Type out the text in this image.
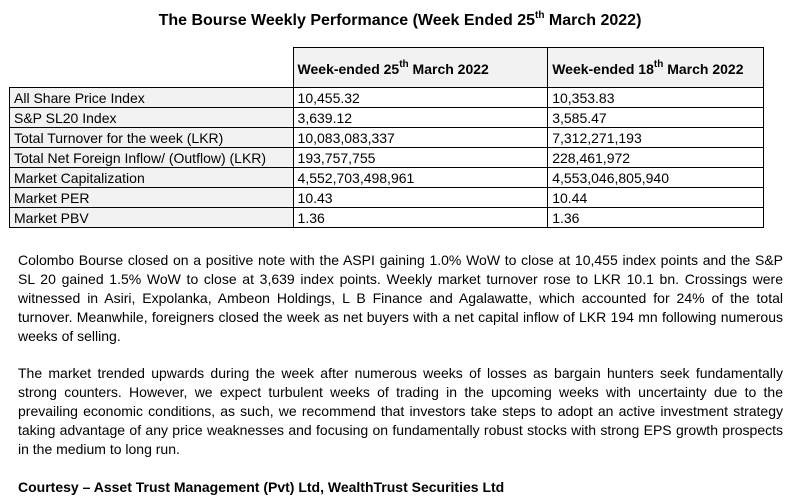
The Bourse Weekly Performance (Week Ended 25th March 2022)
	Week-ended 25th March 2022	Week-ended 18th March 2022
All Share Price Index	10,455.32	10,353.83
S&P SL20 Index	3,639.12	3,585.47
Total Turnover for the week (LKR)	10,083,083,337	7,312,271,193
Total Net Foreign Inflow/ (Outflow) (LKR)	193,757,755	228,461,972
Market Capitalization	4,552,703,498,961	4,553,046,805,940
Market PER	10.43	10.44
Market PBV	1.36	1.36

Colombo Bourse closed on a positive note with the ASPI gaining 1.0% WoW to close at 10,455 index points and the S&P SL 20 gained 1.5% WoW to close at 3,639 index points. Weekly market turnover rose to LKR 10.1 bn. Crossings were witnessed in Asiri, Expolanka, Ambeon Holdings, L B Finance and Agalawatte, which accounted for 24% of the total turnover. Meanwhile, foreigners closed the week as net buyers with a net capital inflow of LKR 194 mn following numerous weeks of selling.

The market trended upwards during the week after numerous weeks of losses as bargain hunters seek fundamentally strong counters. However, we expect turbulent weeks of trading in the upcoming weeks with uncertainty due to the prevailing economic conditions, as such, we recommend that investors take steps to adopt an active investment strategy taking advantage of any price weaknesses and focusing on fundamentally robust stocks with strong EPS growth prospects in the medium to long run.

Courtesy – Asset Trust Management (Pvt) Ltd, WealthTrust Securities Ltd
